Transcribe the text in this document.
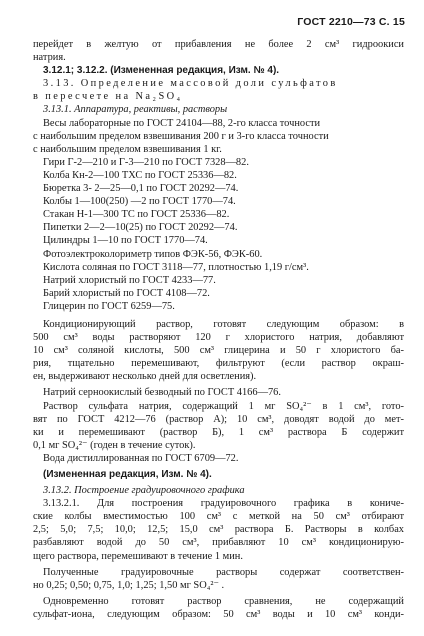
ГОСТ 2210—73 С. 15
перейдет в желтую от прибавления не более 2 см³ гидроокиси
натрия.
3.12.1; 3.12.2. (Измененная редакция, Изм. № 4).
3.13. Определение массовой доли сульфатов
в пересчете на Na₂SO₄
3.13.1. Аппаратура, реактивы, растворы
Весы лабораторные по ГОСТ 24104—88, 2-го класса точности
с наибольшим пределом взвешивания 200 г и 3-го класса точности
с наибольшим пределом взвешивания 1 кг.
Гири Г-2—210 и Г-3—210 по ГОСТ 7328—82.
Колба Кн-2—100 ТХС по ГОСТ 25336—82.
Бюретка 3- 2—25—0,1 по ГОСТ 20292—74.
Колбы 1—100(250) —2 по ГОСТ 1770—74.
Стакан Н-1—300 ТС по ГОСТ 25336—82.
Пипетки 2—2—10(25) по ГОСТ 20292—74.
Цилиндры 1—10 по ГОСТ 1770—74.
Фотоэлектроколориметр типов ФЭК-56, ФЭК-60.
Кислота соляная по ГОСТ 3118—77, плотностью 1,19 г/см³.
Натрий хлористый по ГОСТ 4233—77.
Барий хлористый по ГОСТ 4108—72.
Глицерин по ГОСТ 6259—75.
Кондиционирующий раствор, готовят следующим образом: в
500 см³ воды растворяют 120 г хлористого натрия, добавляют
10 см³ соляной кислоты, 500 см³ глицерина и 50 г хлористого ба-
рия, тщательно перемешивают, фильтруют (если раствор окраш-
ен, выдерживают несколько дней для осветления).
Натрий серноокислый безводный по ГОСТ 4166—76.
Раствор сульфата натрия, содержащий 1 мг SO₄²⁻ в 1 см³, гото-
вят по ГОСТ 4212—76 (раствор А); 10 см³, доводят водой до мет-
ки и перемешивают (раствор Б), 1 см³ раствора Б содержит
0,1 мг SO₄²⁻ (годен в течение суток).
Вода дистиллированная по ГОСТ 6709—72.
(Измененная редакция, Изм. № 4).
3.13.2. Построение градуировочного графика
3.13.2.1. Для построения градуировочного графика в кониче-
ские колбы вместимостью 100 см³ с меткой на 50 см³ отбирают
2,5; 5,0; 7,5; 10,0; 12,5; 15,0 см³ раствора Б. Растворы в колбах
разбавляют водой до 50 см³, прибавляют 10 см³ кондиционирую-
щего раствора, перемешивают в течение 1 мин.
Полученные градуировочные растворы содержат соответствен-
но 0,25; 0,50; 0,75, 1,0; 1,25; 1,50 мг SO₄²⁻ .
Одновременно готовят раствор сравнения, не содержащий
сульфат-иона, следующим образом: 50 см³ воды и 10 см³ конди-
